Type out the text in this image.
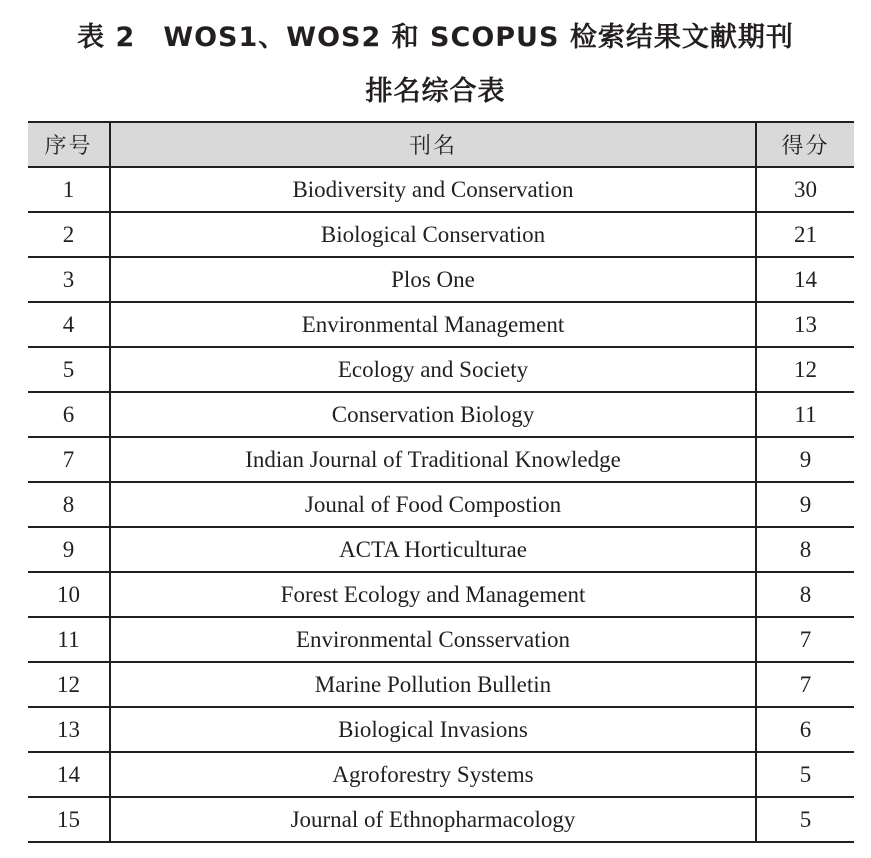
表 2　WOS1、WOS2 和 SCOPUS 检索结果文献期刊
排名综合表
序号	刊名	得分
1	Biodiversity and Conservation	30
2	Biological Conservation	21
3	Plos One	14
4	Environmental Management	13
5	Ecology and Society	12
6	Conservation Biology	11
7	Indian Journal of Traditional Knowledge	9
8	Jounal of Food Compostion	9
9	ACTA Horticulturae	8
10	Forest Ecology and Management	8
11	Environmental Consservation	7
12	Marine Pollution Bulletin	7
13	Biological Invasions	6
14	Agroforestry Systems	5
15	Journal of Ethnopharmacology	5
